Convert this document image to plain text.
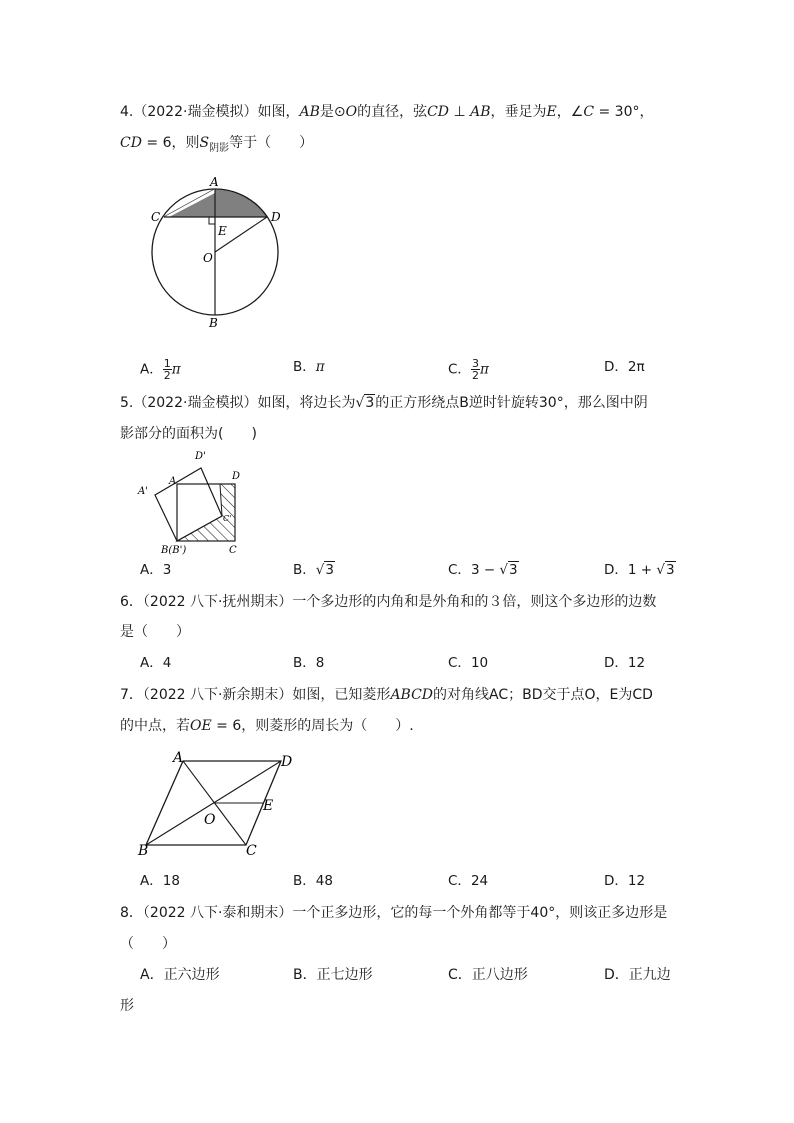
4.（2022·瑞金模拟）如图，AB是⊙O的直径，弦CD ⊥ AB，垂足为E，∠C = 30°，
CD = 6，则$S_{阴影}$等于（　　）
A
C	D
E
O
B
A． $\frac{1}{2}$ π	B．π	C． $\frac{3}{2}$ π	D．2π
5.（2022·瑞金模拟）如图，将边长为√3的正方形绕点B逆时针旋转30°，那么图中阴
影部分的面积为(　　)
D'
D
A'
A
C'
B(B')	C
A．3	B．√3	C．3 − √3	D．1 + √3
6．（2022 八下·抚州期末）一个多边形的内角和是外角和的３倍，则这个多边形的边数
是（　　）
A．4	B．8	C．10	D．12
7．（2022 八下·新余期末）如图，已知菱形ABCD的对角线AC；BD交于点O，E为CD
的中点，若OE = 6，则菱形的周长为（　　）.
A	D
E
O
B	C
A．18	B．48	C．24	D．12
8．（2022 八下·泰和期末）一个正多边形，它的每一个外角都等于40°，则该正多边形是
（　　）
A．正六边形	B．正七边形	C．正八边形	D．正九边
形
